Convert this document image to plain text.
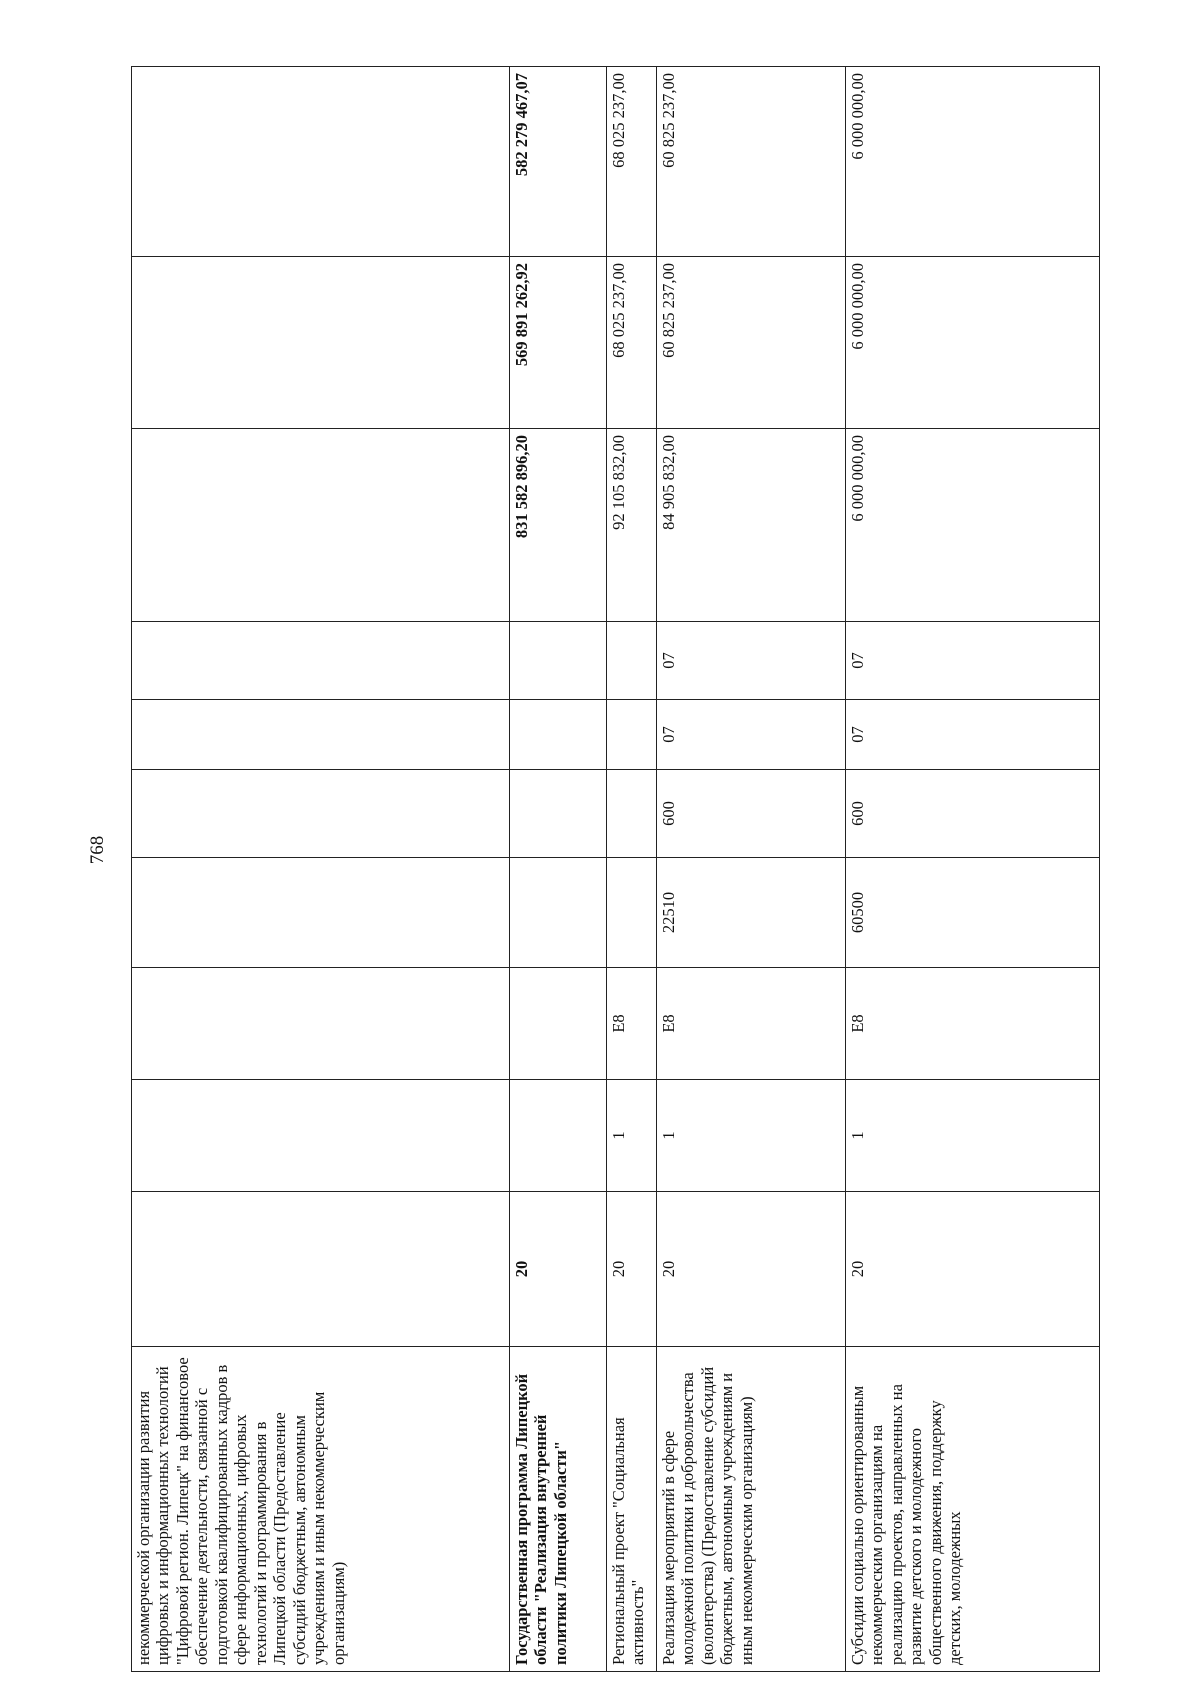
768
некоммерческой организации развития цифровых и информационных технологий "Цифровой регион. Липецк" на финансовое обеспечение деятельности, связанной с подготовкой квалифицированных кадров в сфере информационных, цифровых технологий и программирования в Липецкой области (Предоставление субсидий бюджетным, автономным учреждениям и иным некоммерческим организациям)										
Государственная программа Липецкой области "Реализация внутренней политики Липецкой области"	20							831 582 896,20	569 891 262,92	582 279 467,07
Региональный проект "Социальная активность"	20	1	Е8					92 105 832,00	68 025 237,00	68 025 237,00
Реализация мероприятий в сфере молодежной политики и добровольчества (волонтерства) (Предоставление субсидий бюджетным, автономным учреждениям и иным некоммерческим организациям)	20	1	Е8	22510	600	07	07	84 905 832,00	60 825 237,00	60 825 237,00
Субсидии социально ориентированным некоммерческим организациям на реализацию проектов, направленных на развитие детского и молодежного общественного движения, поддержку детских, молодежных	20	1	Е8	60500	600	07	07	6 000 000,00	6 000 000,00	6 000 000,00
